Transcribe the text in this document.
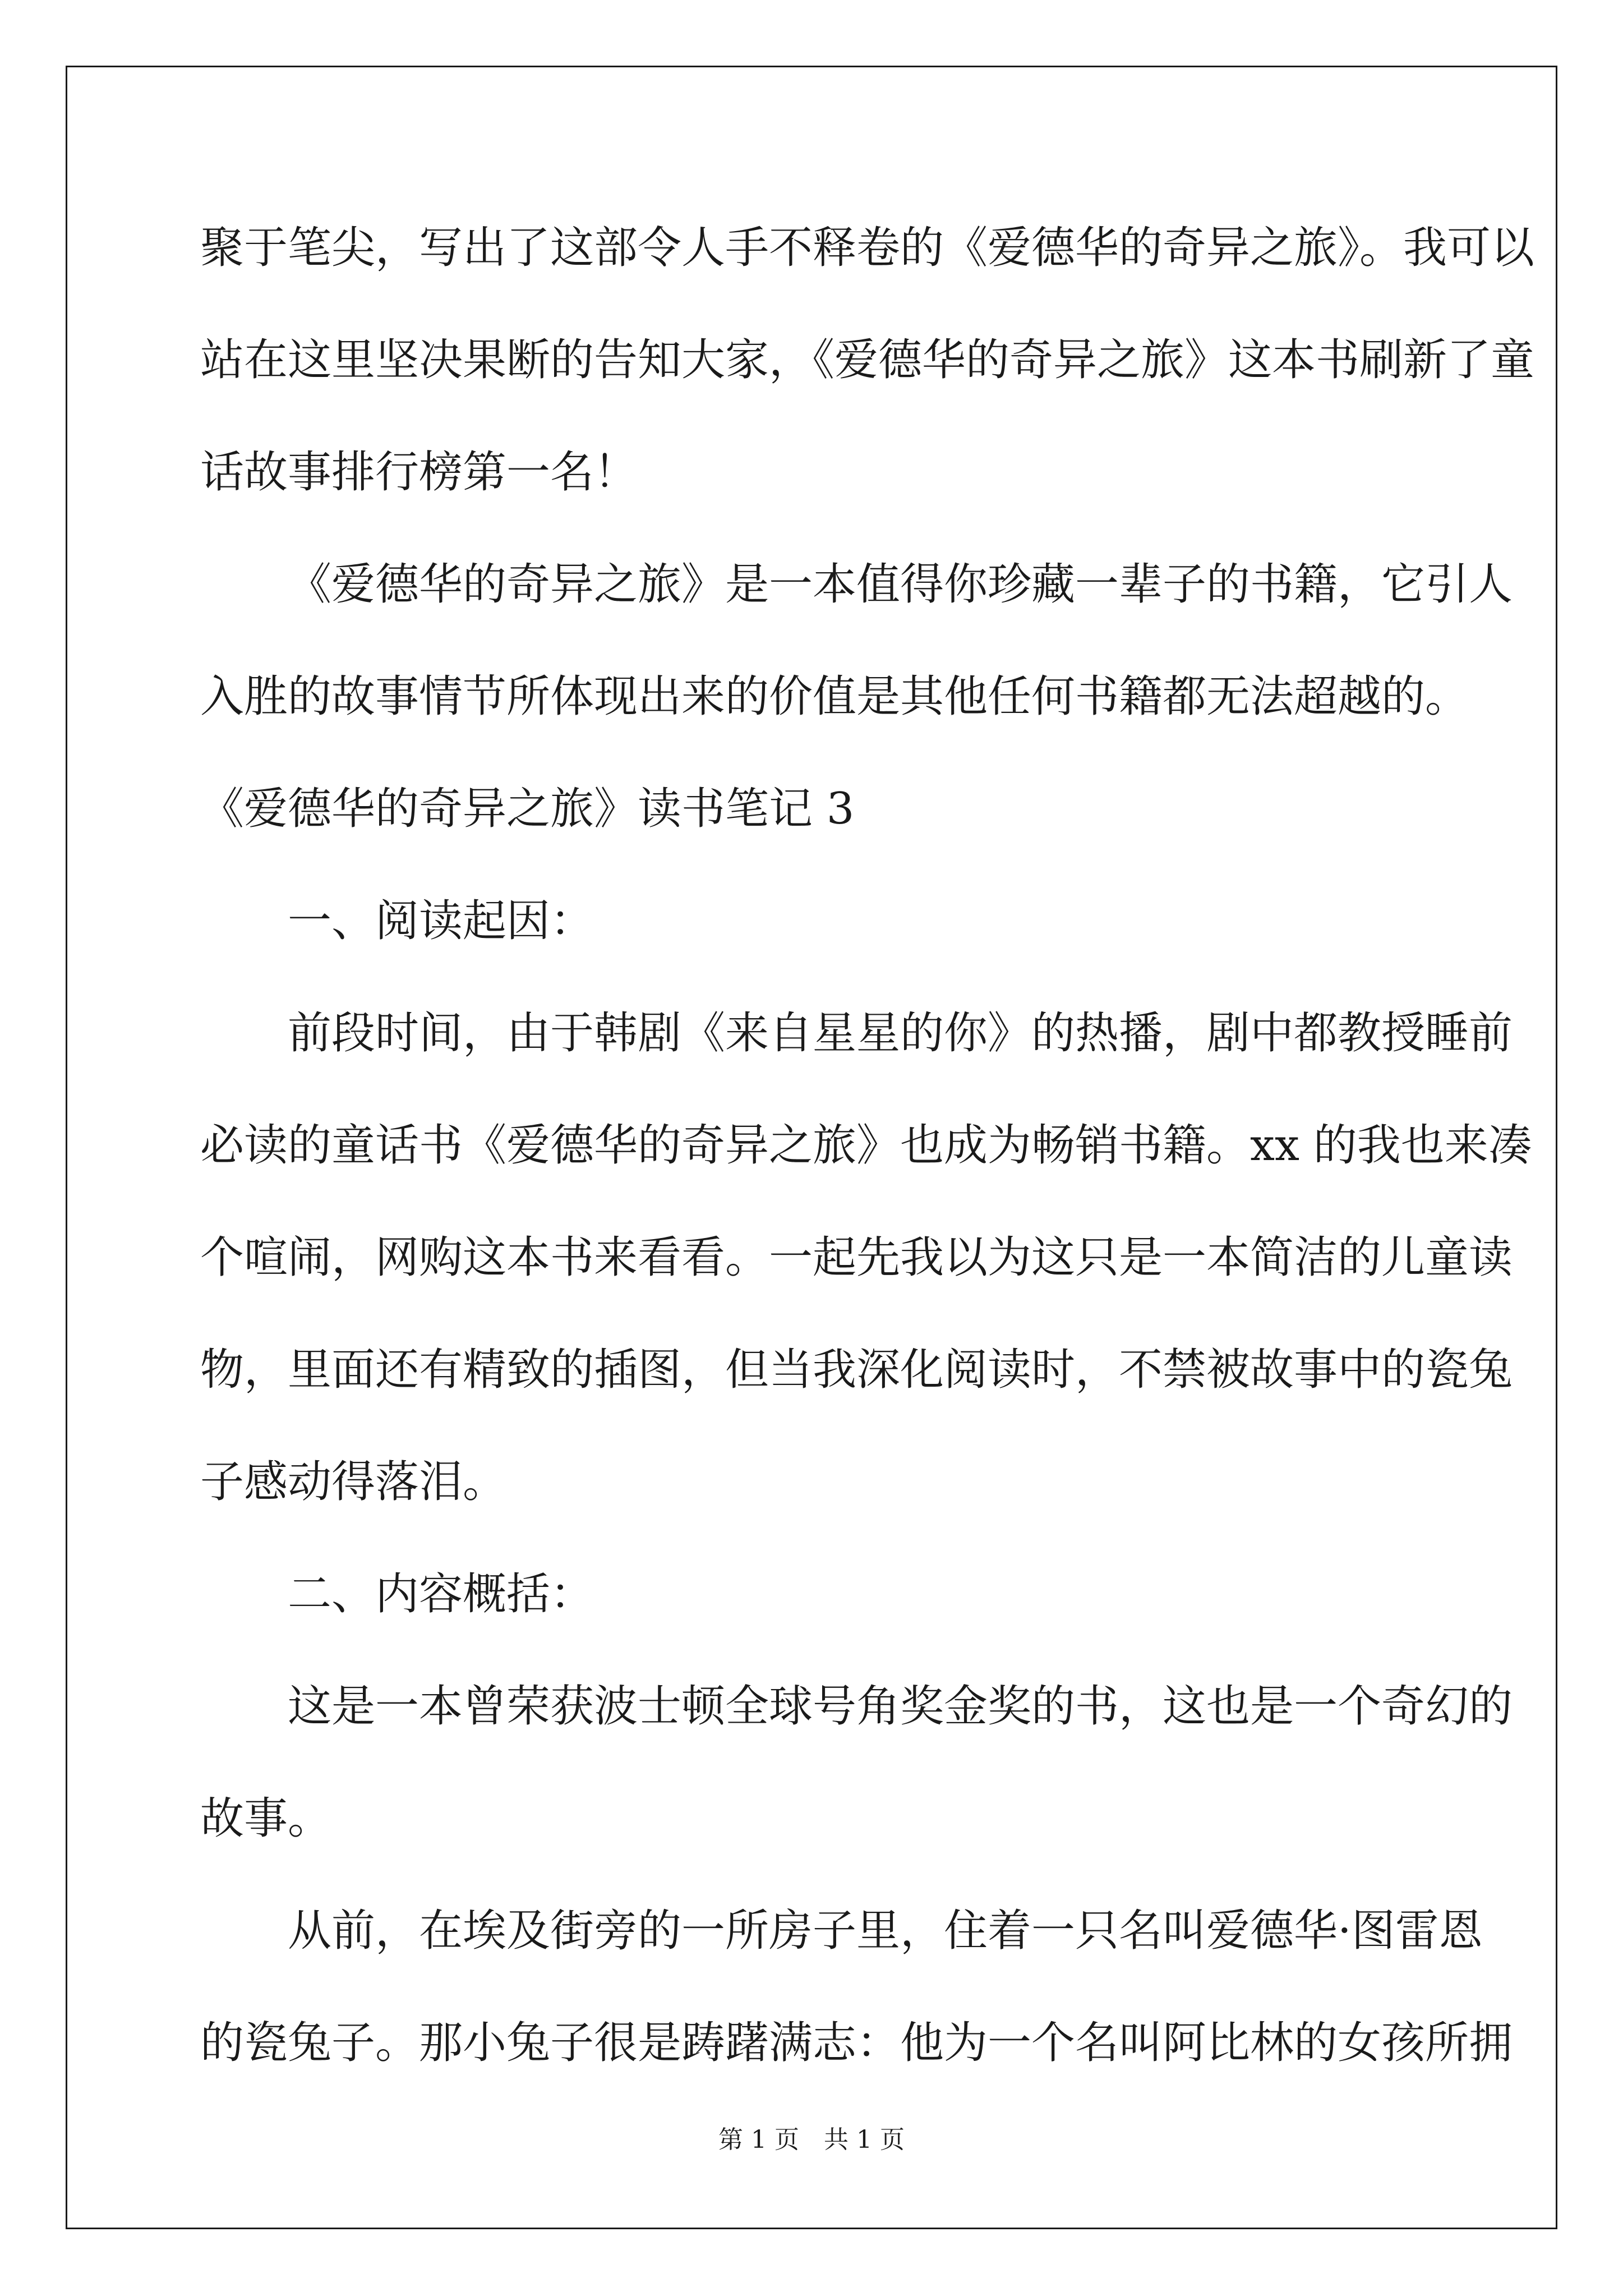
聚于笔尖，写出了这部令人手不释卷的《爱德华的奇异之旅》。我可以
站在这里坚决果断的告知大家，《爱德华的奇异之旅》这本书刷新了童
话故事排行榜第一名！
《爱德华的奇异之旅》是一本值得你珍藏一辈子的书籍，它引人
入胜的故事情节所体现出来的价值是其他任何书籍都无法超越的。
《爱德华的奇异之旅》读书笔记 3
一、阅读起因：
前段时间，由于韩剧《来自星星的你》的热播，剧中都教授睡前
必读的童话书《爱德华的奇异之旅》也成为畅销书籍。xx 的我也来凑
个喧闹，网购这本书来看看。一起先我以为这只是一本简洁的儿童读
物，里面还有精致的插图，但当我深化阅读时，不禁被故事中的瓷兔
子感动得落泪。
二、内容概括：
这是一本曾荣获波士顿全球号角奖金奖的书，这也是一个奇幻的
故事。
从前，在埃及街旁的一所房子里，住着一只名叫爱德华·图雷恩
的瓷兔子。那小兔子很是踌躇满志：他为一个名叫阿比林的女孩所拥
第 1 页　共 1 页
